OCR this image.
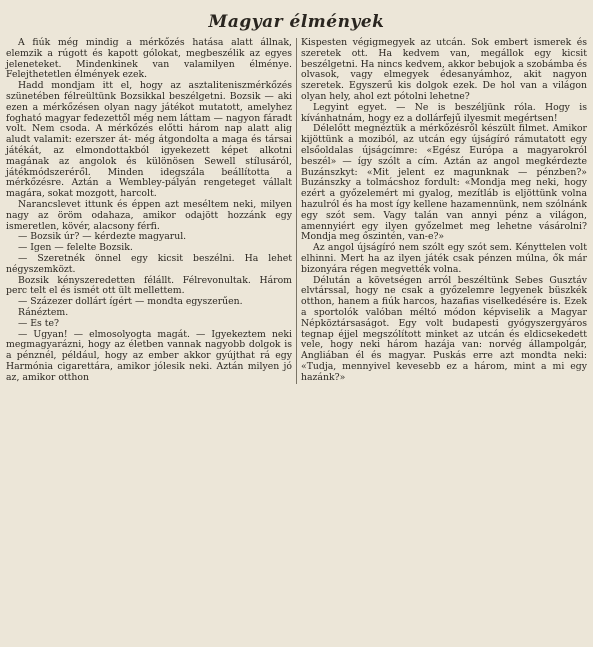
Magyar élmények

A fiúk még mindig a mérkőzés hatása alatt állnak, elemzik a rúgott és kapott gólokat, megbeszélik az egyes jeleneteket. Mindenkinek van valamilyen élménye. Felejthetetlen élmények ezek.

Hadd mondjam itt el, hogy az asztaliteniszmérkőzés szünetében félreültünk Bozsikkal beszélgetni. Bozsik — aki ezen a mérkőzésen olyan nagy játékot mutatott, amelyhez fogható magyar fedezettől még nem láttam — nagyon fáradt volt. Nem csoda. A mérkőzés előtti három nap alatt alig aludt valamit: ezerszer át- még átgondolta a maga és társai játékát, az elmondottakból igyekezett képet alkotni magának az angolok és különösen Sewell stílusáról, játékmódszeréről. Minden idegszála beállította a mérkőzésre. Aztán a Wembley-pályán rengeteget vállalt magára, sokat mozgott, harcolt.

Narancslevet ittunk és éppen azt meséltem neki, milyen nagy az öröm odahaza, amikor odajött hozzánk egy ismeretlen, kövér, alacsony férfi.

— Bozsik úr? — kérdezte magyarul.

— Igen — felelte Bozsik.

— Szeretnék önnel egy kicsit beszélni. Ha lehet négyszemközt.

Bozsik kényszeredetten félállt. Félrevonultak. Három perc telt el és ismét ott ült mellettem.

— Százezer dollárt ígért — mondta egyszerűen.

Ránéztem.

— Es te?

— Ugyan! — elmosolyogta magát. — Igyekeztem neki megmagyarázni, hogy az életben vannak nagyobb dolgok is a pénznél, például, hogy az ember akkor gyújthat rá egy Harmónia cigarettára, amikor jólesik neki. Aztán milyen jó az, amikor otthon

Kispesten végigmegyek az utcán. Sok embert ismerek és szeretek ott. Ha kedvem van, megállok egy kicsit beszélgetni. Ha nincs kedvem, akkor bebujok a szobámba és olvasok, vagy elmegyek édesanyámhoz, akit nagyon szeretek. Egyszerű kis dolgok ezek. De hol van a világon olyan hely, ahol ezt pótolni lehetne?

Legyint egyet. — Ne is beszéljünk róla. Hogy is kívánhatnám, hogy ez a dollárfejű ilyesmit megértsen!

Délelőtt megnéztük a mérkőzésről készült filmet. Amikor kijöttünk a moziból, az utcán egy újságíró rámutatott egy elsőoldalas újságcímre: «Egész Európa a magyarokról beszél» — így szólt a cím. Aztán az angol megkérdezte Buzánszkyt: «Mit jelent ez magunknak — pénzben?» Buzánszky a tolmácshoz fordult: «Mondja meg neki, hogy ezért a győzelemért mi gyalog, mezítláb is eljöttünk volna hazulról és ha most így kellene hazamennünk, nem szólnánk egy szót sem. Vagy talán van annyi pénz a világon, amennyiért egy ilyen győzelmet meg lehetne vásárolni? Mondja meg őszintén, van-e?»

Az angol újságíró nem szólt egy szót sem. Kényttelen volt elhinni. Mert ha az ilyen játék csak pénzen múlna, ők már bizonyára régen megvették volna.

Délután a követségen arról beszéltünk Sebes Gusztáv elvtárssal, hogy ne csak a győzelemre legyenek büszkék otthon, hanem a fiúk harcos, hazafias viselkedésére is. Ezek a sportolók valóban méltó módon képviselik a Magyar Népköztársaságot. Egy volt budapesti gyógyszergyáros tegnap éjjel megszólított minket az utcán és eldicsekedett vele, hogy neki három hazája van: norvég állampolgár, Angliában él és magyar. Puskás erre azt mondta neki: «Tudja, mennyivel kevesebb ez a három, mint a mi egy hazánk?»
